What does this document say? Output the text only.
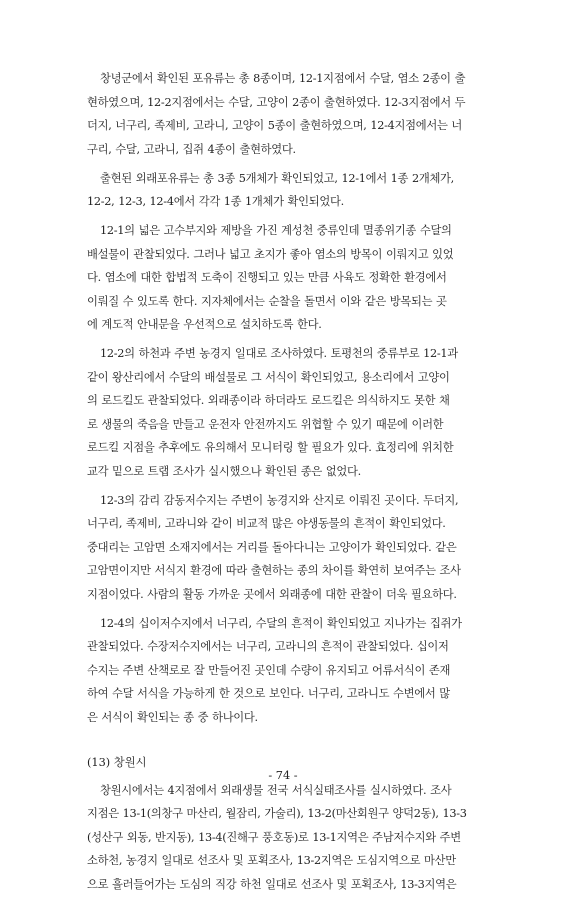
창녕군에서 확인된 포유류는 총 8종이며, 12-1지점에서 수달, 염소 2종이 출
현하였으며, 12-2지점에서는 수달, 고양이 2종이 출현하였다. 12-3지점에서 두
더지, 너구리, 족제비, 고라니, 고양이 5종이 출현하였으며, 12-4지점에서는 너
구리, 수달, 고라니, 집쥐 4종이 출현하였다.
출현된 외래포유류는 총 3종 5개체가 확인되었고, 12-1에서 1종 2개체가,
12-2, 12-3, 12-4에서 각각 1종 1개체가 확인되었다.
12-1의 넓은 고수부지와 제방을 가진 계성천 중류인데 멸종위기종 수달의
배설물이 관찰되었다. 그러나 넓고 초지가 좋아 염소의 방목이 이뤄지고 있었
다. 염소에 대한 합법적 도축이 진행되고 있는 만큼 사육도 정확한 환경에서
이뤄질 수 있도록 한다. 지자체에서는 순찰을 돌면서 이와 같은 방목되는 곳
에 계도적 안내문을 우선적으로 설치하도록 한다.
12-2의 하천과 주변 농경지 일대로 조사하였다. 토평천의 중류부로 12-1과
같이 왕산리에서 수달의 배설물로 그 서식이 확인되었고, 용소리에서 고양이
의 로드킬도 관찰되었다. 외래종이라 하더라도 로드킬은 의식하지도 못한 채
로 생물의 죽음을 만들고 운전자 안전까지도 위협할 수 있기 때문에 이러한
로드킬 지점을 추후에도 유의해서 모니터링 할 필요가 있다. 효정리에 위치한
교각 밑으로 트랩 조사가 실시했으나 확인된 종은 없었다.
12-3의 감리 감동저수지는 주변이 농경지와 산지로 이뤄진 곳이다. 두더지,
너구리, 족제비, 고라니와 같이 비교적 많은 야생동물의 흔적이 확인되었다.
중대리는 고암면 소재지에서는 거리를 돌아다니는 고양이가 확인되었다. 같은
고암면이지만 서식지 환경에 따라 출현하는 종의 차이를 확연히 보여주는 조사
지점이었다. 사람의 활동 가까운 곳에서 외래종에 대한 관찰이 더욱 필요하다.
12-4의 십이저수지에서 너구리, 수달의 흔적이 확인되었고 지나가는 집쥐가
관찰되었다. 수장저수지에서는 너구리, 고라니의 흔적이 관찰되었다. 십이저
수지는 주변 산책로로 잘 만들어진 곳인데 수량이 유지되고 어류서식이 존재
하여 수달 서식을 가능하게 한 것으로 보인다. 너구리, 고라니도 수변에서 많
은 서식이 확인되는 종 중 하나이다.
(13) 창원시
창원시에서는 4지점에서 외래생물 전국 서식실태조사를 실시하였다. 조사
지점은 13-1(의창구 마산리, 월잠리, 가술리), 13-2(마산회원구 양덕2동), 13-3
(성산구 외동, 반지동), 13-4(진해구 풍호동)로 13-1지역은 주남저수지와 주변
소하천, 농경지 일대로 선조사 및 포획조사, 13-2지역은 도심지역으로 마산만
으로 흘러들어가는 도심의 직강 하천 일대로 선조사 및 포획조사, 13-3지역은
- 74 -
